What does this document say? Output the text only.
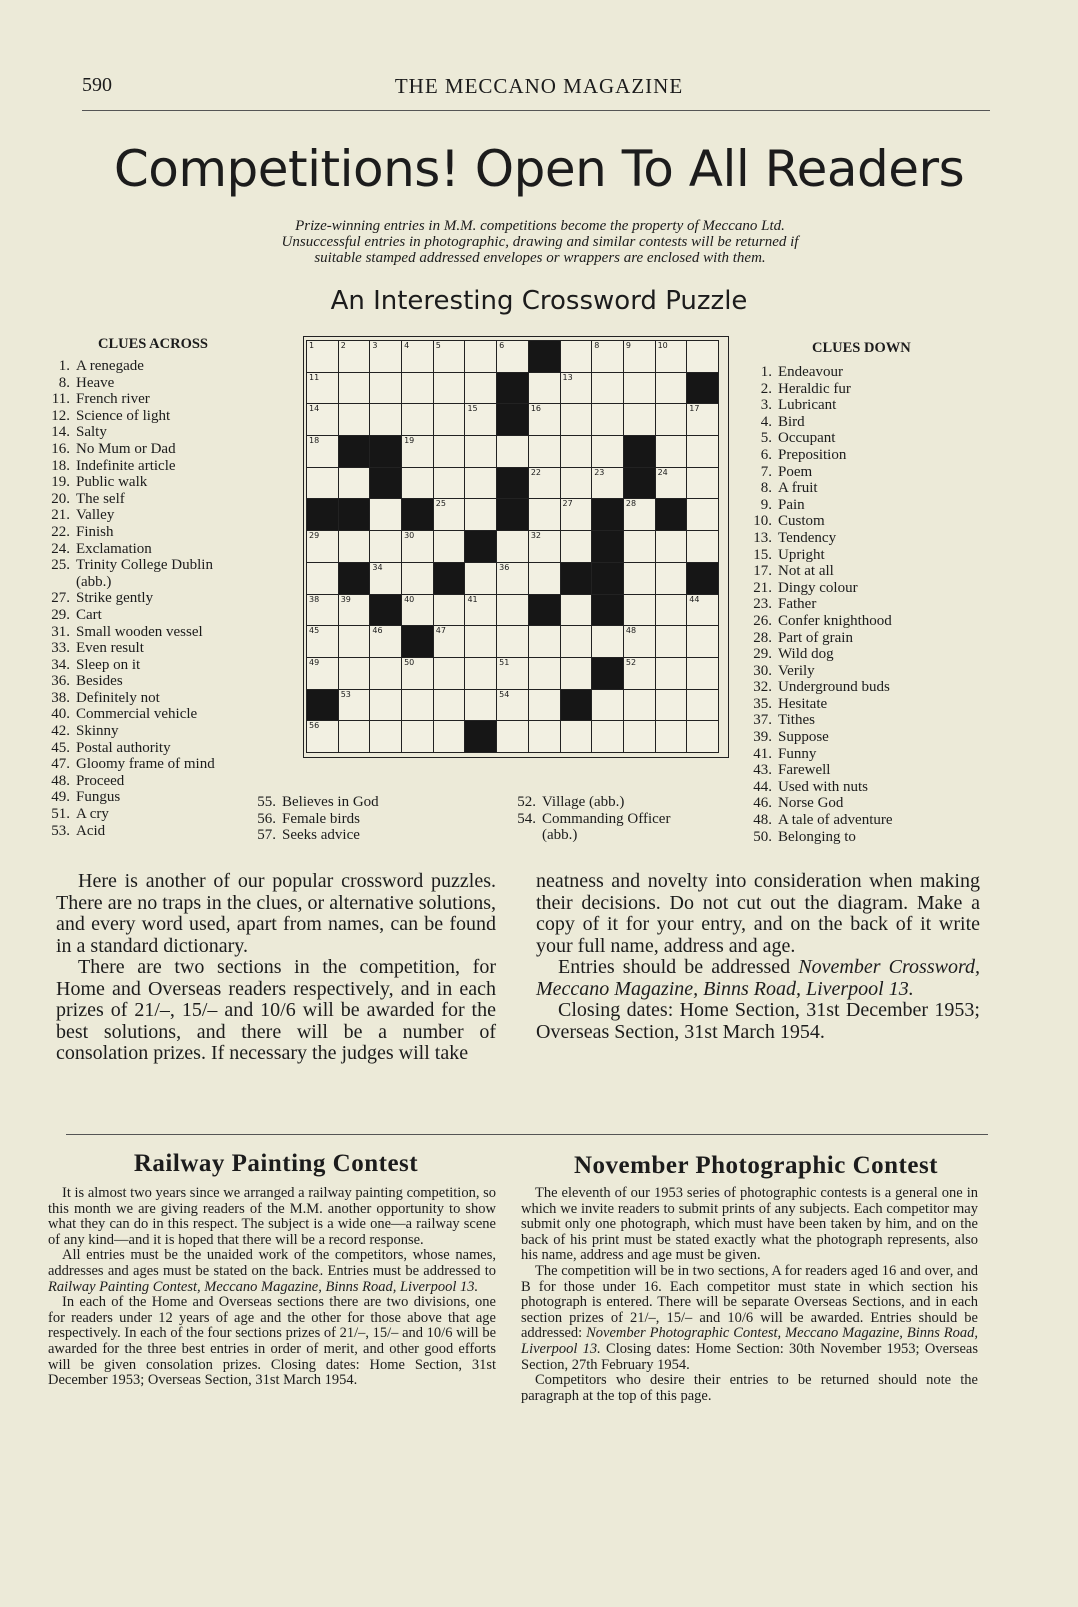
590	THE MECCANO MAGAZINE
Competitions! Open To All Readers
Prize-winning entries in M.M. competitions become the property of Meccano Ltd.
Unsuccessful entries in photographic, drawing and similar contests will be returned if
suitable stamped addressed envelopes or wrappers are enclosed with them.
An Interesting Crossword Puzzle
CLUES ACROSS
1. A renegade
8. Heave
11. French river
12. Science of light
14. Salty
16. No Mum or Dad
18. Indefinite article
19. Public walk
20. The self
21. Valley
22. Finish
24. Exclamation
25. Trinity College Dublin
(abb.)
27. Strike gently
29. Cart
31. Small wooden vessel
33. Even result
34. Sleep on it
36. Besides
38. Definitely not
40. Commercial vehicle
42. Skinny
45. Postal authority
47. Gloomy frame of mind
48. Proceed
49. Fungus
51. A cry
53. Acid
55. Believes in God
56. Female birds
57. Seeks advice
52. Village (abb.)
54. Commanding Officer
(abb.)
CLUES DOWN
1. Endeavour
2. Heraldic fur
3. Lubricant
4. Bird
5. Occupant
6. Preposition
7. Poem
8. A fruit
9. Pain
10. Custom
13. Tendency
15. Upright
17. Not at all
21. Dingy colour
23. Father
26. Confer knighthood
28. Part of grain
29. Wild dog
30. Verily
32. Underground buds
35. Hesitate
37. Tithes
39. Suppose
41. Funny
43. Farewell
44. Used with nuts
46. Norse God
48. A tale of adventure
50. Belonging to
1	2	3	4	5	6	8	9	10
11	13
14	15	16	17
18	19
22	23	24
25	27	28
29	30	32
34	36
38	39	40	41	44
45	46	47	48
49	50	51	52
53	54
56

Here is another of our popular crossword puzzles. There are no traps in the clues, or alternative solutions, and every word used, apart from names, can be found in a standard dictionary.

There are two sections in the competition, for Home and Overseas readers respectively, and in each prizes of 21/–, 15/– and 10/6 will be awarded for the best solutions, and there will be a number of consolation prizes. If necessary the judges will take

neatness and novelty into consideration when making their decisions. Do not cut out the diagram. Make a copy of it for your entry, and on the back of it write your full name, address and age.

Entries should be addressed November Crossword, Meccano Magazine, Binns Road, Liverpool 13.

Closing dates: Home Section, 31st December 1953; Overseas Section, 31st March 1954.

Railway Painting Contest

It is almost two years since we arranged a railway painting competition, so this month we are giving readers of the M.M. another opportunity to show what they can do in this respect. The subject is a wide one—a railway scene of any kind—and it is hoped that there will be a record response.

All entries must be the unaided work of the competitors, whose names, addresses and ages must be stated on the back. Entries must be addressed to Railway Painting Contest, Meccano Magazine, Binns Road, Liverpool 13.

In each of the Home and Overseas sections there are two divisions, one for readers under 12 years of age and the other for those above that age respectively. In each of the four sections prizes of 21/–, 15/– and 10/6 will be awarded for the three best entries in order of merit, and other good efforts will be given consolation prizes. Closing dates: Home Section, 31st December 1953; Overseas Section, 31st March 1954.

November Photographic Contest

The eleventh of our 1953 series of photographic contests is a general one in which we invite readers to submit prints of any subjects. Each competitor may submit only one photograph, which must have been taken by him, and on the back of his print must be stated exactly what the photograph represents, also his name, address and age must be given.

The competition will be in two sections, A for readers aged 16 and over, and B for those under 16. Each competitor must state in which section his photograph is entered. There will be separate Overseas Sections, and in each section prizes of 21/–, 15/– and 10/6 will be awarded. Entries should be addressed: November Photographic Contest, Meccano Magazine, Binns Road, Liverpool 13. Closing dates: Home Section: 30th November 1953; Overseas Section, 27th February 1954.

Competitors who desire their entries to be returned should note the paragraph at the top of this page.
